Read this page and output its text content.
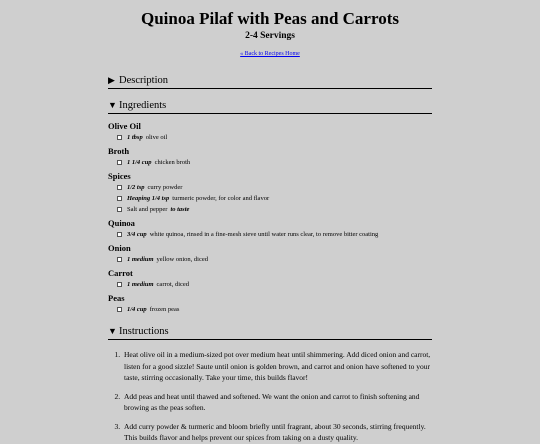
Quinoa Pilaf with Peas and Carrots
2-4 Servings
« Back to Recipes Home
▶ Description
▼ Ingredients
Olive Oil
1 tbsp olive oil
Broth
1 1/4 cup chicken broth
Spices
1/2 tsp curry powder
Heaping 1/4 tsp turmeric powder, for color and flavor
Salt and pepper to taste
Quinoa
3/4 cup white quinoa, rinsed in a fine-mesh sieve until water runs clear, to remove bitter coating
Onion
1 medium yellow onion, diced
Carrot
1 medium carrot, diced
Peas
1/4 cup frozen peas
▼ Instructions
1. Heat olive oil in a medium-sized pot over medium heat until shimmering. Add diced onion and carrot, listen for a good sizzle! Saute until onion is golden brown, and carrot and onion have softened to your taste, stirring occasionally. Take your time, this builds flavor!
2. Add peas and heat until thawed and softened. We want the onion and carrot to finish softening and browing as the peas soften.
3. Add curry powder & turmeric and bloom briefly until fragrant, about 30 seconds, stirring frequently. This builds flavor and helps prevent our spices from taking on a dusty quality.
